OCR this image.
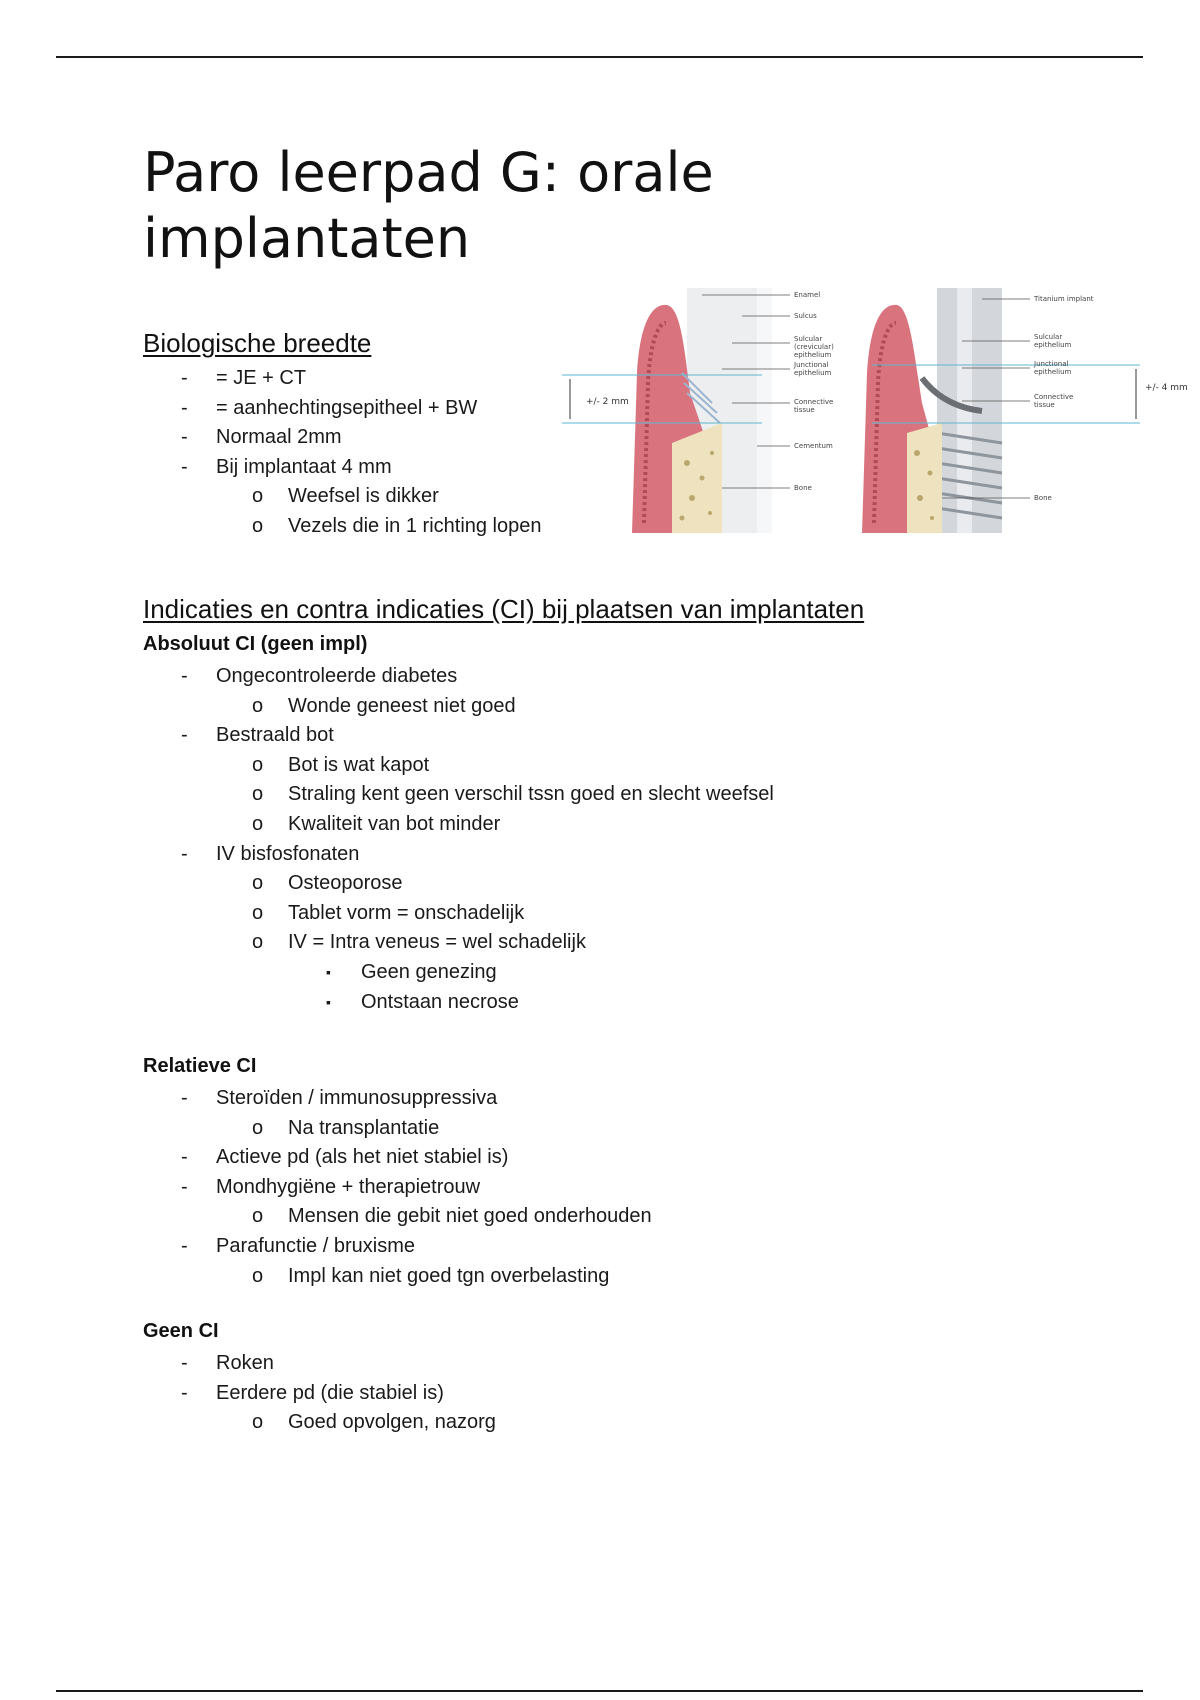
Paro leerpad G: orale
implantaten
Biologische breedte
- = JE + CT
- = aanhechtingsepitheel + BW
- Normaal 2mm
- Bij implantaat 4 mm
o Weefsel is dikker
o Vezels die in 1 richting lopen
+/- 2 mm
Enamel
Sulcus
Sulcular
(crevicular)
epithelium
Junctional
epithelium
Connective
tissue
Cementum
Bone
+/- 4 mm
Titanium implant
Sulcular
epithelium
Junctional
epithelium
Connective
tissue
Bone
Indicaties en contra indicaties (CI) bij plaatsen van implantaten
Absoluut CI (geen impl)
- Ongecontroleerde diabetes
o Wonde geneest niet goed
- Bestraald bot
o Bot is wat kapot
o Straling kent geen verschil tssn goed en slecht weefsel
o Kwaliteit van bot minder
- IV bisfosfonaten
o Osteoporose
o Tablet vorm = onschadelijk
o IV = Intra veneus = wel schadelijk
▪ Geen genezing
▪ Ontstaan necrose
Relatieve CI
- Steroïden / immunosuppressiva
o Na transplantatie
- Actieve pd (als het niet stabiel is)
- Mondhygiëne + therapietrouw
o Mensen die gebit niet goed onderhouden
- Parafunctie / bruxisme
o Impl kan niet goed tgn overbelasting
Geen CI
- Roken
- Eerdere pd (die stabiel is)
o Goed opvolgen, nazorg
